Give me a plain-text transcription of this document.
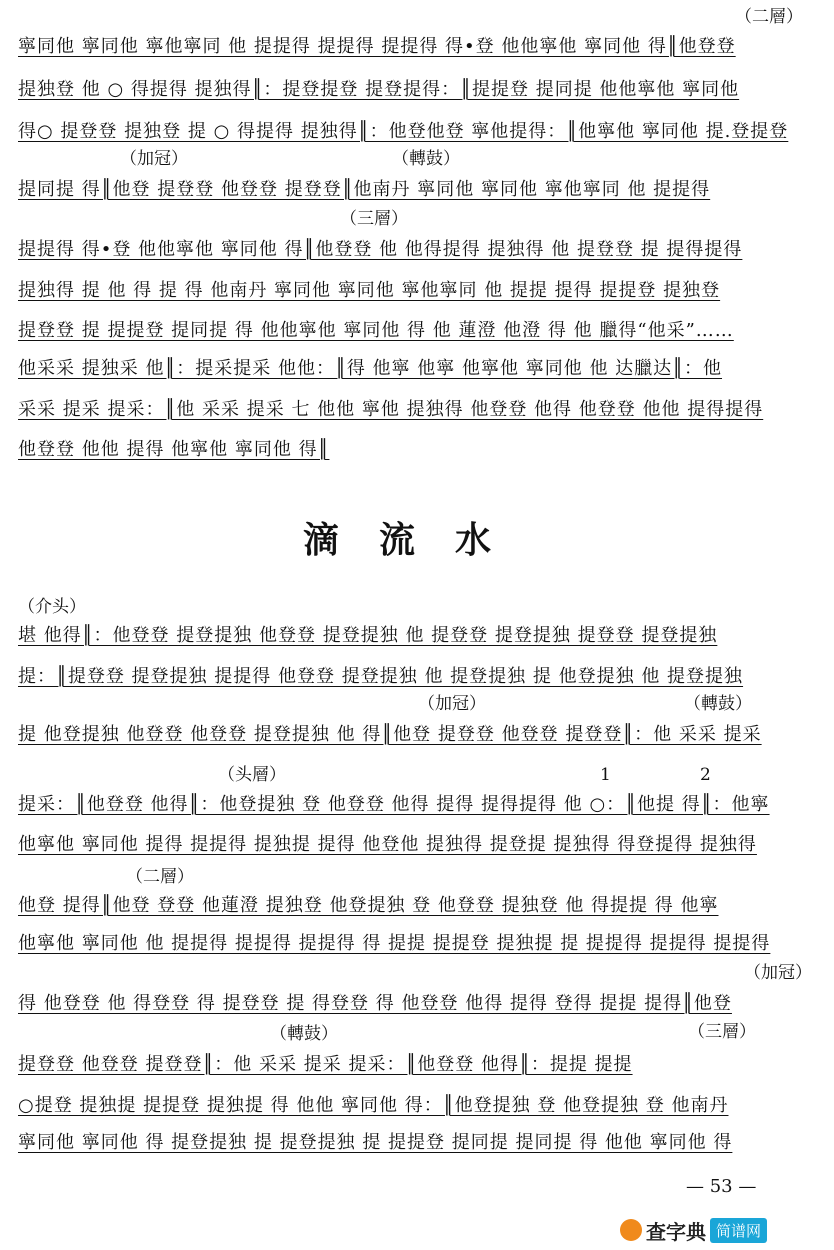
（二層）
寧同他 寧同他 寧他寧同 他 提提得 提提得 提提得 得•登 他他寧他 寧同他 得║他登登
提独登 他 ○ 得提得 提独得║：提登提登 提登提得：║提提登 提同提 他他寧他 寧同他
得○ 提登登 提独登 提 ○ 得提得 提独得║：他登他登 寧他提得：║他寧他 寧同他 提.登提登
（加冠）	（轉鼓）
提同提 得║他登 提登登 他登登 提登登║他南丹 寧同他 寧同他 寧他寧同 他 提提得
（三層）
提提得 得•登 他他寧他 寧同他 得║他登登 他 他得提得 提独得 他 提登登 提 提得提得
提独得 提 他 得 提 得 他南丹 寧同他 寧同他 寧他寧同 他 提提 提得 提提登 提独登
提登登 提 提提登 提同提 得 他他寧他 寧同他 得 他 蓮澄 他澄 得 他 臘得“他采”……
他采采 提独采 他║：提采提采 他他：║得 他寧 他寧 他寧他 寧同他 他 达臘达║：他
采采 提采 提采：║他 采采 提采 七 他他 寧他 提独得 他登登 他得 他登登 他他 提得提得
他登登 他他 提得 他寧他 寧同他 得║
滴流水
（介头）
堪 他得║：他登登 提登提独 他登登 提登提独 他 提登登 提登提独 提登登 提登提独
提：║提登登 提登提独 提提得 他登登 提登提独 他 提登提独 提 他登提独 他 提登提独
（加冠）	（轉鼓）
提 他登提独 他登登 他登登 提登提独 他 得║他登 提登登 他登登 提登登║：他 采采 提采
（头層）	1	2
提采：║他登登 他得║：他登提独 登 他登登 他得 提得 提得提得 他 ○：║他提 得║：他寧
他寧他 寧同他 提得 提提得 提独提 提得 他登他 提独得 提登提 提独得 得登提得 提独得
（二層）
他登 提得║他登 登登 他蓮澄 提独登 他登提独 登 他登登 提独登 他 得提提 得 他寧
他寧他 寧同他 他 提提得 提提得 提提得 得 提提 提提登 提独提 提 提提得 提提得 提提得
（加冠）
得 他登登 他 得登登 得 提登登 提 得登登 得 他登登 他得 提得 登得 提提 提得║他登
（轉鼓）	（三層）
提登登 他登登 提登登║：他 采采 提采 提采：║他登登 他得║：提提 提提
○提登 提独提 提提登 提独提 得 他他 寧同他 得：║他登提独 登 他登提独 登 他南丹
寧同他 寧同他 得 提登提独 提 提登提独 提 提提登 提同提 提同提 得 他他 寧同他 得
— 53 —
查字典 简谱网
